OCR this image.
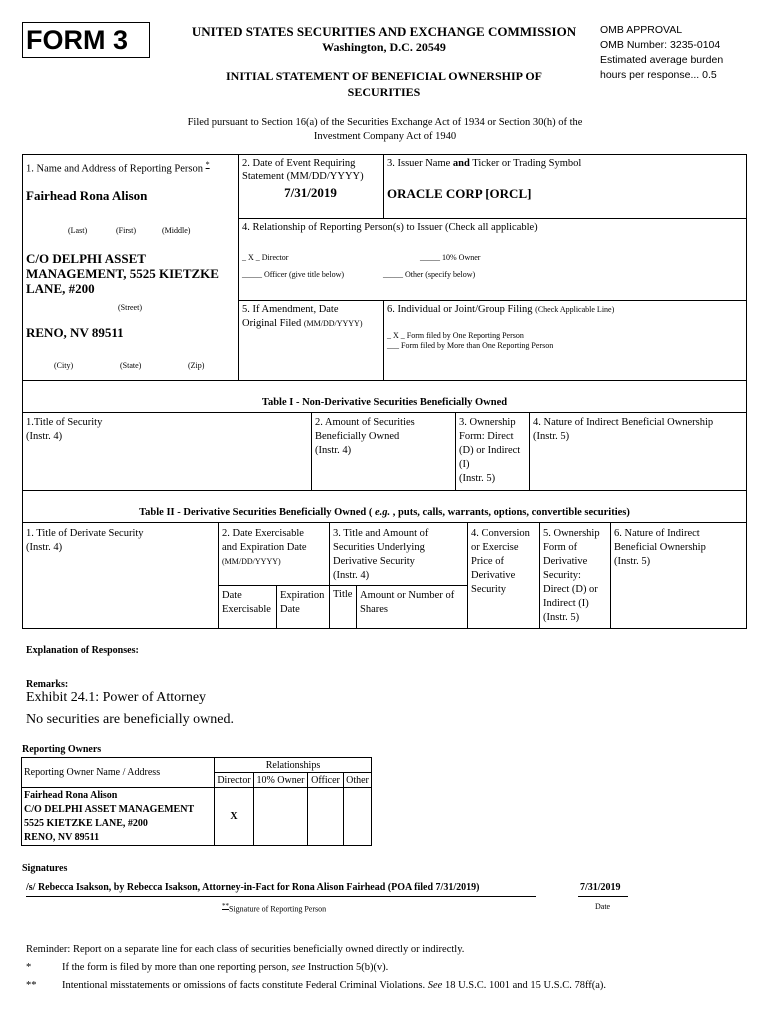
FORM 3	UNITED STATES SECURITIES AND EXCHANGE COMMISSION
Washington, D.C. 20549
INITIAL STATEMENT OF BENEFICIAL OWNERSHIP OF
SECURITIES
OMB APPROVAL
OMB Number: 3235-0104
Estimated average burden
hours per response... 0.5
Filed pursuant to Section 16(a) of the Securities Exchange Act of 1934 or Section 30(h) of the
Investment Company Act of 1940
1. Name and Address of Reporting Person *
Fairhead Rona Alison
(Last)	(First)	(Middle)
C/O DELPHI ASSET
MANAGEMENT, 5525 KIETZKE
LANE, #200
(Street)
RENO, NV 89511
(City)	(State)	(Zip)
2. Date of Event Requiring
Statement (MM/DD/YYYY)
7/31/2019
3. Issuer Name and Ticker or Trading Symbol
ORACLE CORP [ORCL]
4. Relationship of Reporting Person(s) to Issuer (Check all applicable)
_ X _ Director	_____ 10% Owner
_____ Officer (give title below)	_____ Other (specify below)
5. If Amendment, Date
Original Filed (MM/DD/YYYY)
6. Individual or Joint/Group Filing (Check Applicable Line)
_ X _ Form filed by One Reporting Person
___ Form filed by More than One Reporting Person
Table I - Non-Derivative Securities Beneficially Owned
1.Title of Security
(Instr. 4)
2. Amount of Securities
Beneficially Owned
(Instr. 4)
3. Ownership
Form: Direct
(D) or Indirect
(I)
(Instr. 5)
4. Nature of Indirect Beneficial Ownership
(Instr. 5)
Table II - Derivative Securities Beneficially Owned ( e.g. , puts, calls, warrants, options, convertible securities)
1. Title of Derivate Security
(Instr. 4)
2. Date Exercisable
and Expiration Date
(MM/DD/YYYY)
Date
Exercisable
Expiration
Date
3. Title and Amount of
Securities Underlying
Derivative Security
(Instr. 4)
Title Amount or Number of
Shares
4. Conversion
or Exercise
Price of
Derivative
Security
5. Ownership
Form of
Derivative
Security:
Direct (D) or
Indirect (I)
(Instr. 5)
6. Nature of Indirect
Beneficial Ownership
(Instr. 5)
Explanation of Responses:
Remarks:
Exhibit 24.1: Power of Attorney
No securities are beneficially owned.
Reporting Owners
Reporting Owner Name / Address	Relationships			
	Director	10% Owner	Officer	Other

Fairhead Rona Alison
C/O DELPHI ASSET MANAGEMENT
5525 KIETZKE LANE, #200
RENO, NV 89511	X			
Signatures
/s/ Rebecca Isakson, by Rebecca Isakson, Attorney-in-Fact for Rona Alison Fairhead (POA filed 7/31/2019)	7/31/2019
**Signature of Reporting Person	Date
Reminder: Report on a separate line for each class of securities beneficially owned directly or indirectly.
*	If the form is filed by more than one reporting person, see Instruction 5(b)(v).
** Intentional misstatements or omissions of facts constitute Federal Criminal Violations. See 18 U.S.C. 1001 and 15 U.S.C. 78ff(a).
